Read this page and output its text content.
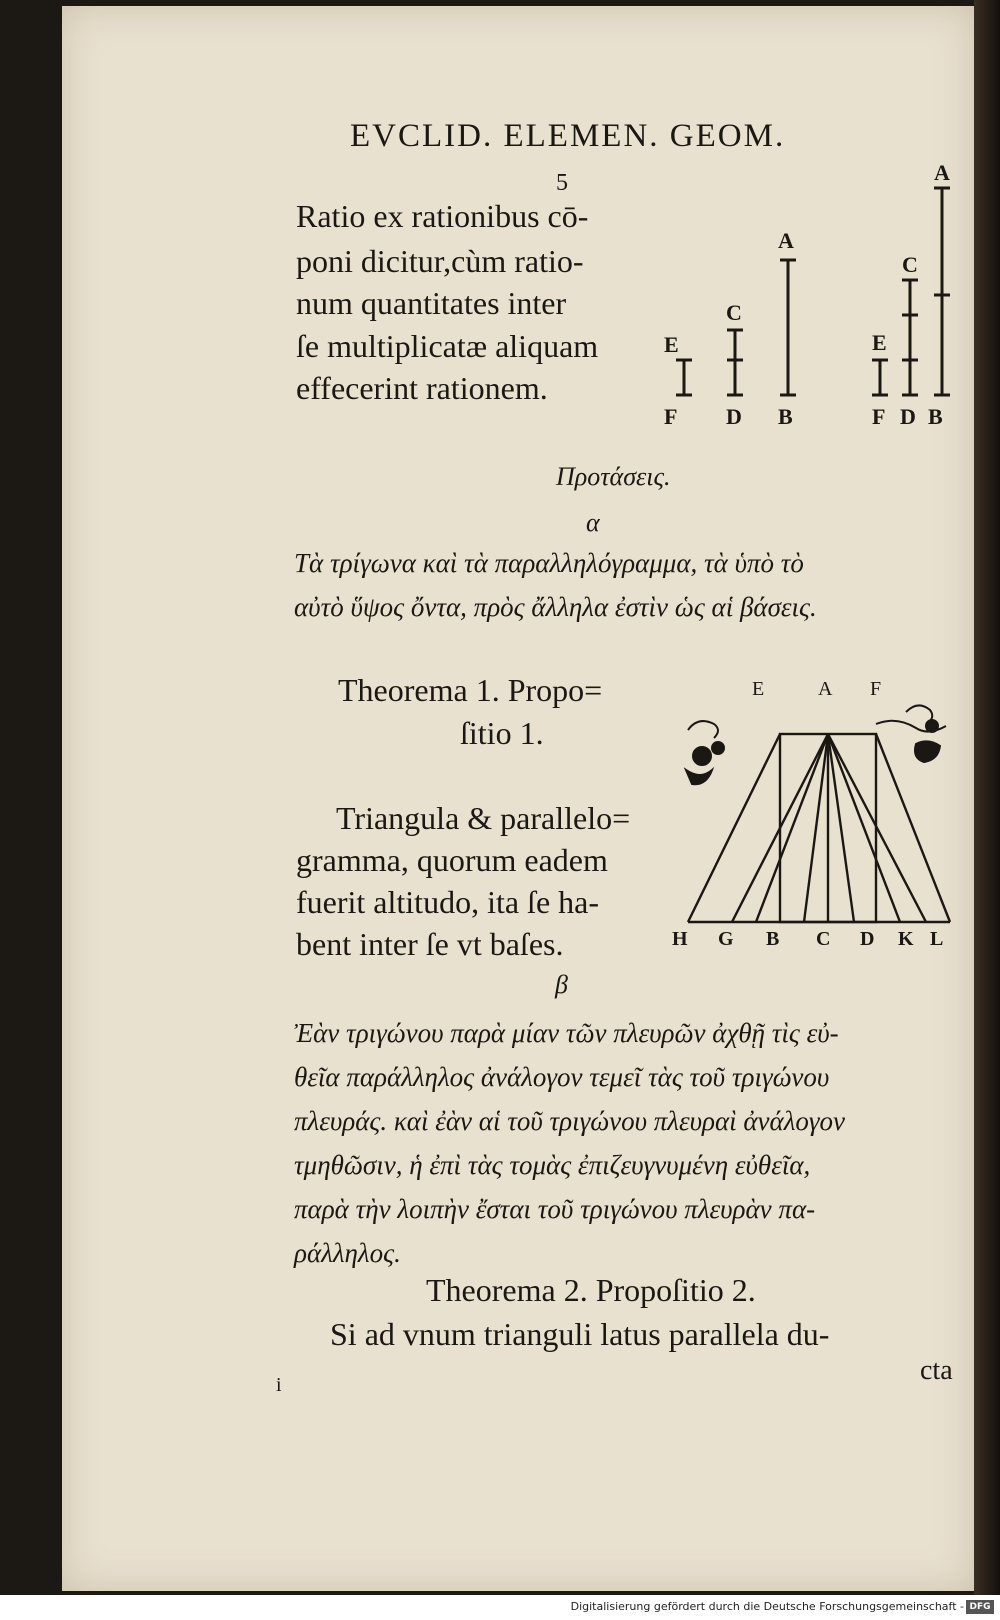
EVCLID. ELEMEN. GEOM.
5
Ratio ex rationibus cō-
poni dicitur,cùm ratio-
num quantitates inter
ſe multiplicatæ aliquam
effecerint rationem.
E
F
C
D
A
B
A
C
E
F D B
Προτάσεις.
α
Τὰ τρίγωνα καὶ τὰ παραλληλόγραμμα, τὰ ὑπὸ τὸ
αὐτὸ ὕψος ὄντα, πρὸς ἄλληλα ἐστὶν ὡς αἱ βάσεις.
Theorema 1. Propo=
ſitio 1.
Triangula & parallelo=
gramma, quorum eadem
fuerit altitudo, ita ſe ha-
bent inter ſe vt baſes.
E	A F
H G B C D K L
β
Ἐὰν τριγώνου παρὰ μίαν τῶν πλευρῶν ἀχθῇ τὶς εὐ-
θεῖα παράλληλος ἀνάλογον τεμεῖ τὰς τοῦ τριγώνου
πλευράς. καὶ ἐὰν αἱ τοῦ τριγώνου πλευραὶ ἀνάλογον
τμηθῶσιν, ἡ ἐπὶ τὰς τομὰς ἐπιζευγνυμένη εὐθεῖα,
παρὰ τὴν λοιπὴν ἔσται τοῦ τριγώνου πλευρὰν πα-
ράλληλος.
Theorema 2. Propoſitio 2.
Si ad vnum trianguli latus parallela du-
i	cta
Digitalisierung gefördert durch die Deutsche Forschungsgemeinschaft - DFG
